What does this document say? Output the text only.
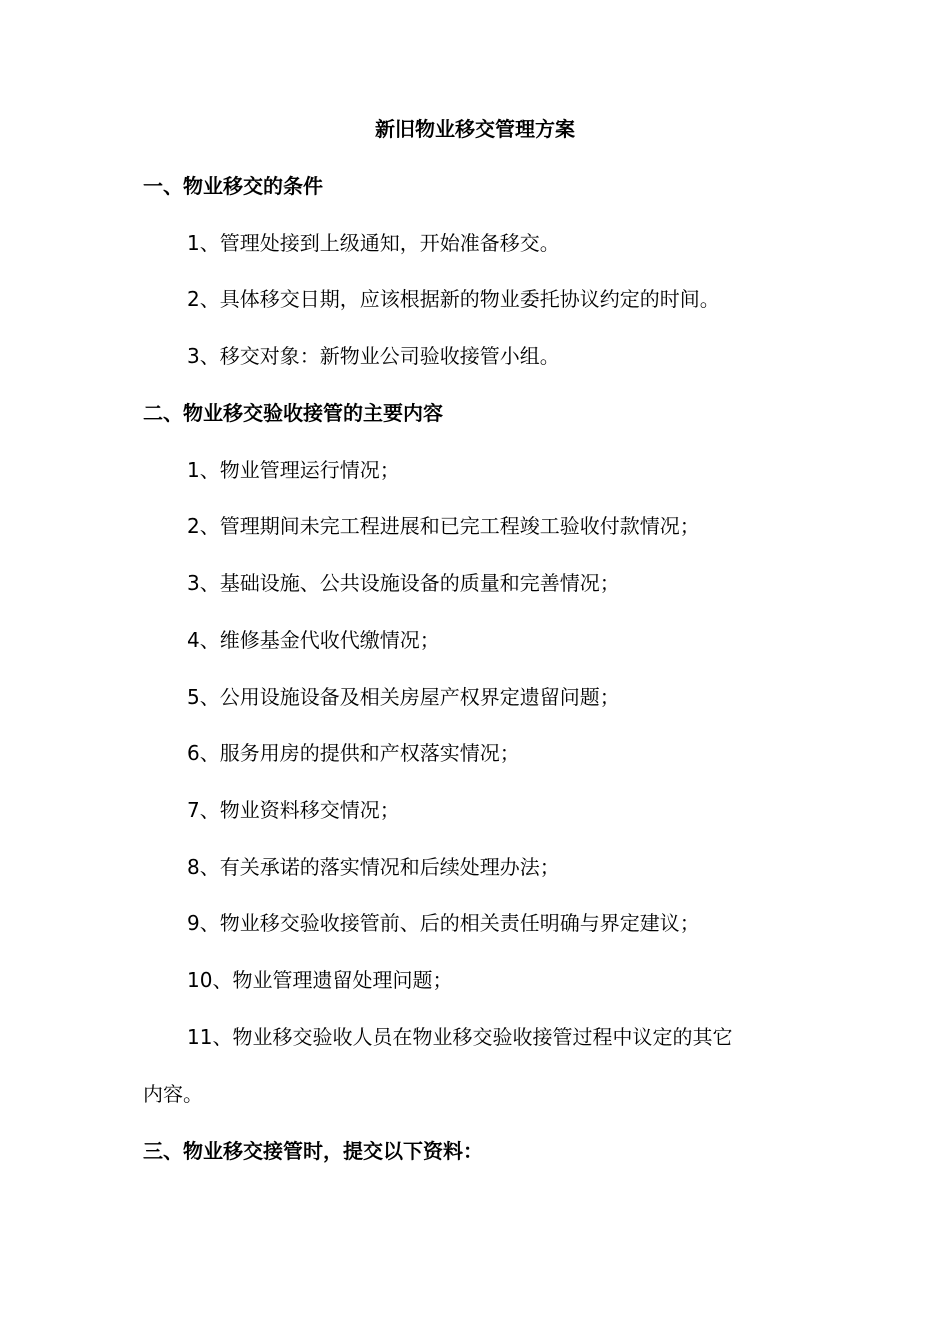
新旧物业移交管理方案
一、物业移交的条件
1、管理处接到上级通知，开始准备移交。
2、具体移交日期，应该根据新的物业委托协议约定的时间。
3、移交对象：新物业公司验收接管小组。
二、物业移交验收接管的主要内容
1、物业管理运行情况；
2、管理期间未完工程进展和已完工程竣工验收付款情况；
3、基础设施、公共设施设备的质量和完善情况；
4、维修基金代收代缴情况；
5、公用设施设备及相关房屋产权界定遗留问题；
6、服务用房的提供和产权落实情况；
7、物业资料移交情况；
8、有关承诺的落实情况和后续处理办法；
9、物业移交验收接管前、后的相关责任明确与界定建议；
10、物业管理遗留处理问题；
11、物业移交验收人员在物业移交验收接管过程中议定的其它
内容。
三、物业移交接管时，提交以下资料：
